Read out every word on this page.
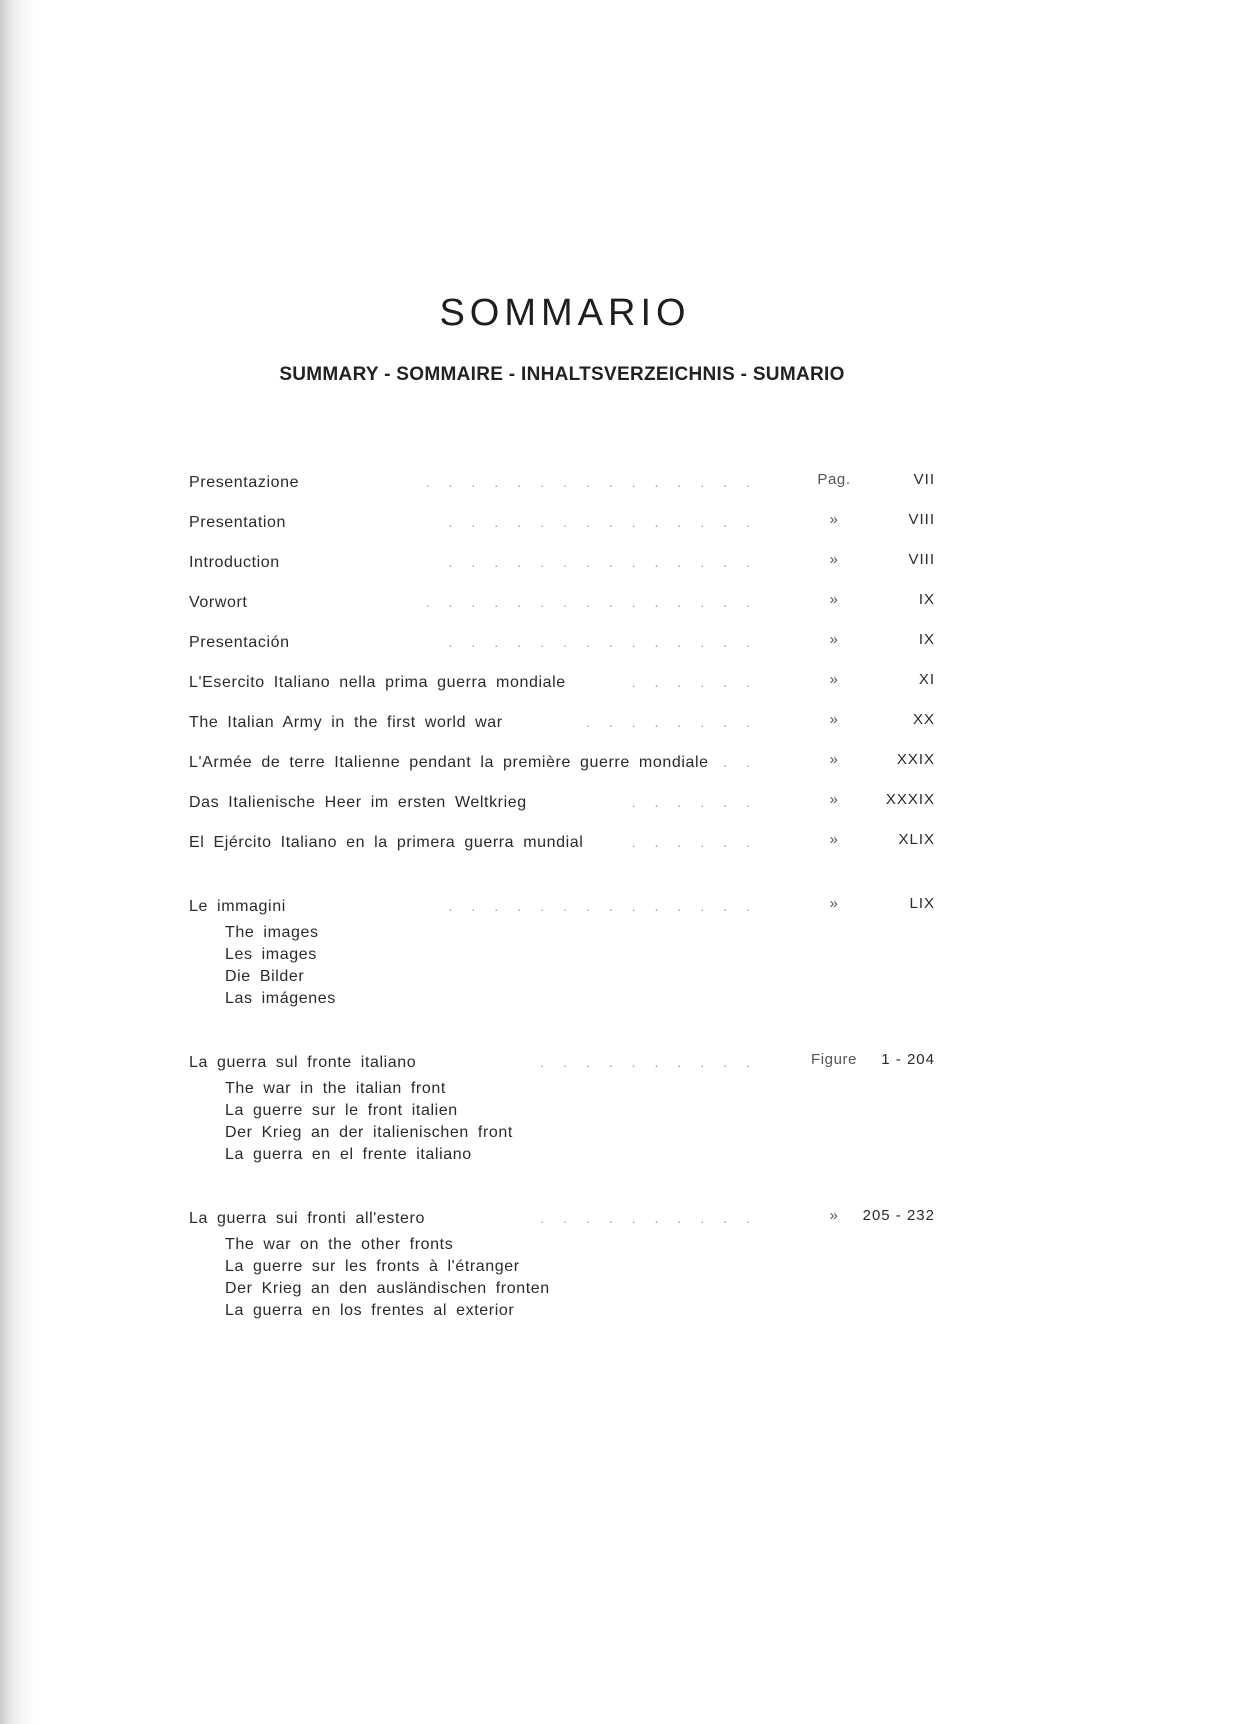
SOMMARIO
SUMMARY - SOMMAIRE - INHALTSVERZEICHNIS - SUMARIO
Presentazione	...............	Pag.	VII
Presentation	..............	»	VIII
Introduction	..............	»	VIII
Vorwort	...............	»	IX
Presentación	..............	»	IX
L'Esercito Italiano nella prima guerra mondiale	......	»	XI
The Italian Army in the first world war	........	»	XX
L'Armée de terre Italienne pendant la première guerre mondiale ..	»	XXIX
Das Italienische Heer im ersten Weltkrieg	......	»	XXXIX
El Ejército Italiano en la primera guerra mundial	......	»	XLIX
Le immagini	..............	»	LIX
The images
Les images
Die Bilder
Las imágenes
La guerra sul fronte italiano	..........	Figure	1 - 204
The war in the italian front
La guerre sur le front italien
Der Krieg an der italienischen front
La guerra en el frente italiano
La guerra sui fronti all'estero	..........	»	205 - 232
The war on the other fronts
La guerre sur les fronts à l'étranger
Der Krieg an den ausländischen fronten
La guerra en los frentes al exterior
